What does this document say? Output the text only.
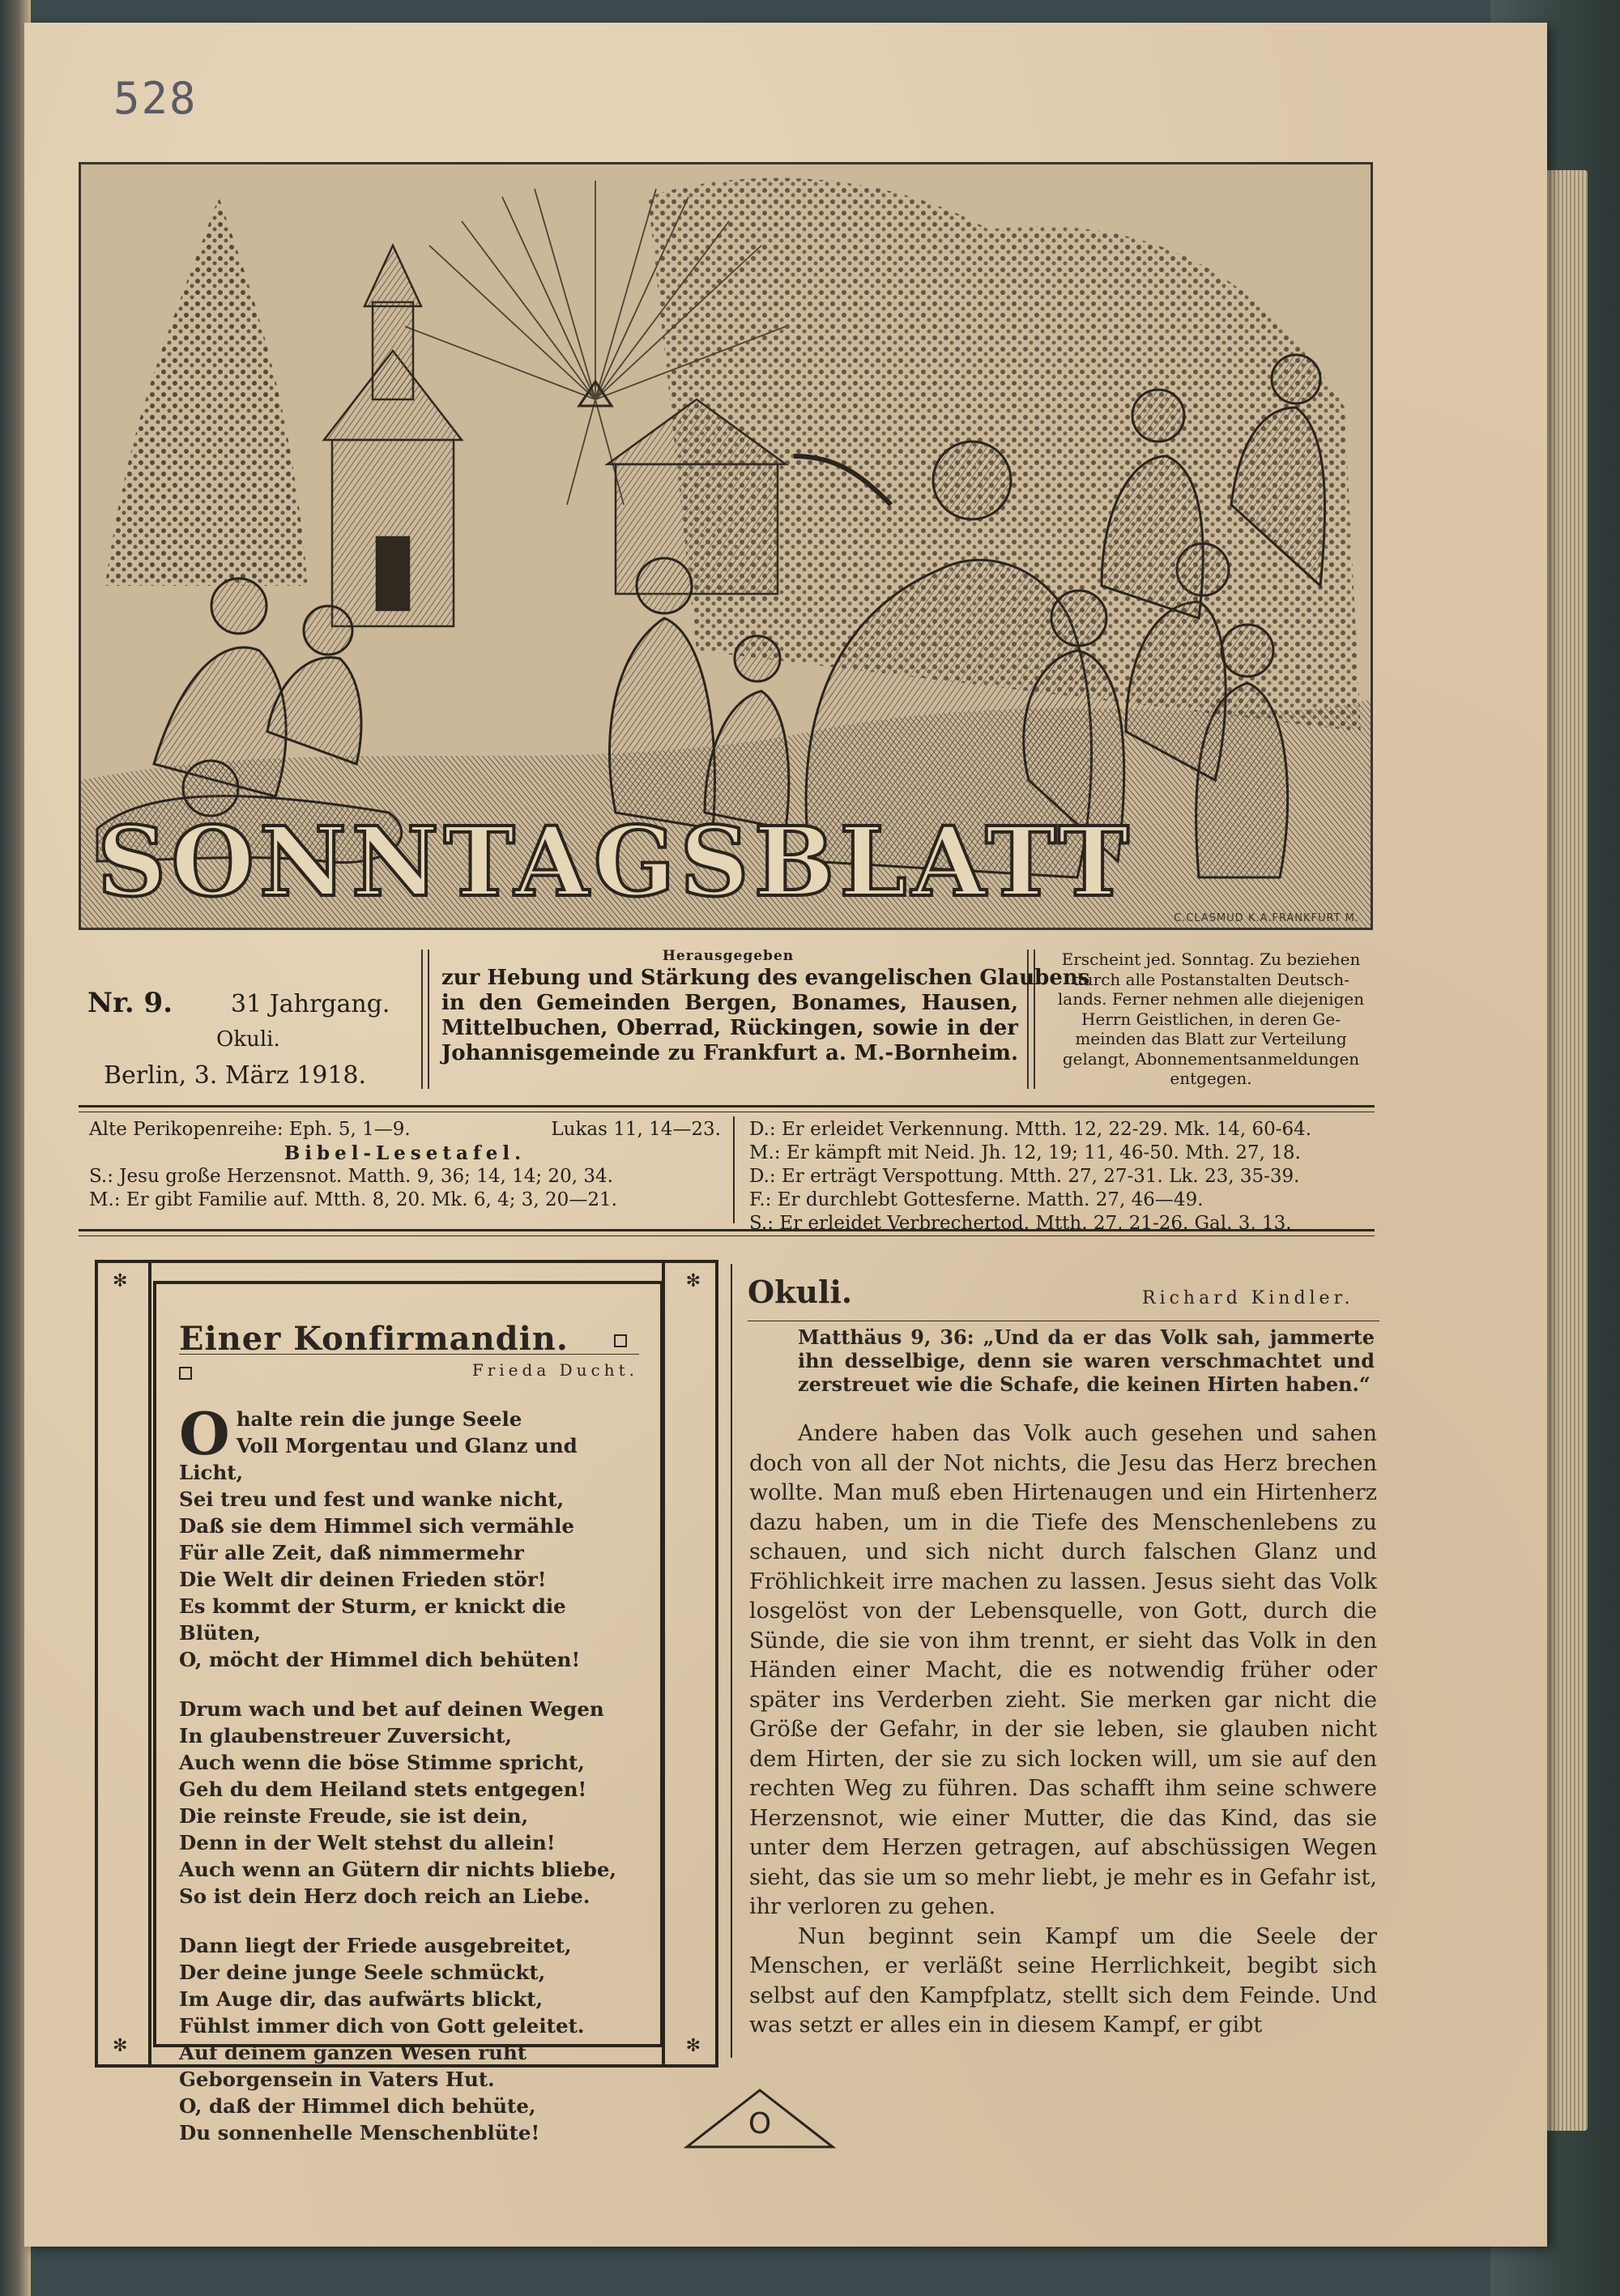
528
SONNTAGSBLATT
C.CLASMUD K.A.FRANKFURT M.
Nr. 9. 31 Jahrgang.
Okuli.
Berlin, 3. März 1918.
Herausgegeben
zur Hebung und Stärkung des evangelischen Glaubens
in den Gemeinden Bergen, Bonames, Hausen,
Mittelbuchen, Oberrad, Rückingen, sowie in der
Johannisgemeinde zu Frankfurt a. M.-Bornheim.
Erscheint jed. Sonntag. Zu beziehen
durch alle Postanstalten Deutsch-
lands. Ferner nehmen alle diejenigen
Herrn Geistlichen, in deren Ge-
meinden das Blatt zur Verteilung
gelangt, Abonnementsanmeldungen
entgegen.
Alte Perikopenreihe: Eph. 5, 1—9.	Lukas 11, 14—23.
Bibel-Lesetafel.
S.: Jesu große Herzensnot. Matth. 9, 36; 14, 14; 20, 34.
M.: Er gibt Familie auf. Mtth. 8, 20. Mk. 6, 4; 3, 20—21.
D.: Er erleidet Verkennung. Mtth. 12, 22-29. Mk. 14, 60-64.
M.: Er kämpft mit Neid. Jh. 12, 19; 11, 46-50. Mth. 27, 18.
D.: Er erträgt Verspottung. Mtth. 27, 27-31. Lk. 23, 35-39.
F.: Er durchlebt Gottesferne. Matth. 27, 46—49.
S.: Er erleidet Verbrechertod. Mtth. 27, 21-26. Gal. 3, 13.
✻	✻
✻	✻
Einer Konfirmandin.
Frieda Ducht.

O halte rein die junge Seele
Voll Morgentau und Glanz und Licht,
Sei treu und fest und wanke nicht,
Daß sie dem Himmel sich vermähle
Für alle Zeit, daß nimmermehr
Die Welt dir deinen Frieden stör!
Es kommt der Sturm, er knickt die Blüten,
O, möcht der Himmel dich behüten!

Drum wach und bet auf deinen Wegen
In glaubenstreuer Zuversicht,
Auch wenn die böse Stimme spricht,
Geh du dem Heiland stets entgegen!
Die reinste Freude, sie ist dein,
Denn in der Welt stehst du allein!
Auch wenn an Gütern dir nichts bliebe,
So ist dein Herz doch reich an Liebe.

Dann liegt der Friede ausgebreitet,
Der deine junge Seele schmückt,
Im Auge dir, das aufwärts blickt,
Fühlst immer dich von Gott geleitet.
Auf deinem ganzen Wesen ruht
Geborgensein in Vaters Hut.
O, daß der Himmel dich behüte,
Du sonnenhelle Menschenblüte!

Okuli.	Richard Kindler.
Matthäus 9, 36: „Und da er das Volk sah, jammerte ihn desselbige, denn sie waren verschmachtet und zerstreuet wie die Schafe, die keinen Hirten haben.“

Andere haben das Volk auch gesehen und sahen doch von all der Not nichts, die Jesu das Herz brechen wollte. Man muß eben Hirtenaugen und ein Hirtenherz dazu haben, um in die Tiefe des Menschenlebens zu schauen, und sich nicht durch falschen Glanz und Fröhlichkeit irre machen zu lassen. Jesus sieht das Volk losgelöst von der Lebensquelle, von Gott, durch die Sünde, die sie von ihm trennt, er sieht das Volk in den Händen einer Macht, die es notwendig früher oder später ins Verderben zieht. Sie merken gar nicht die Größe der Gefahr, in der sie leben, sie glauben nicht dem Hirten, der sie zu sich locken will, um sie auf den rechten Weg zu führen. Das schafft ihm seine schwere Herzensnot, wie einer Mutter, die das Kind, das sie unter dem Herzen getragen, auf abschüssigen Wegen sieht, das sie um so mehr liebt, je mehr es in Gefahr ist, ihr verloren zu gehen.

Nun beginnt sein Kampf um die Seele der Menschen, er verläßt seine Herrlichkeit, begibt sich selbst auf den Kampfplatz, stellt sich dem Feinde. Und was setzt er alles ein in diesem Kampf, er gibt

O
